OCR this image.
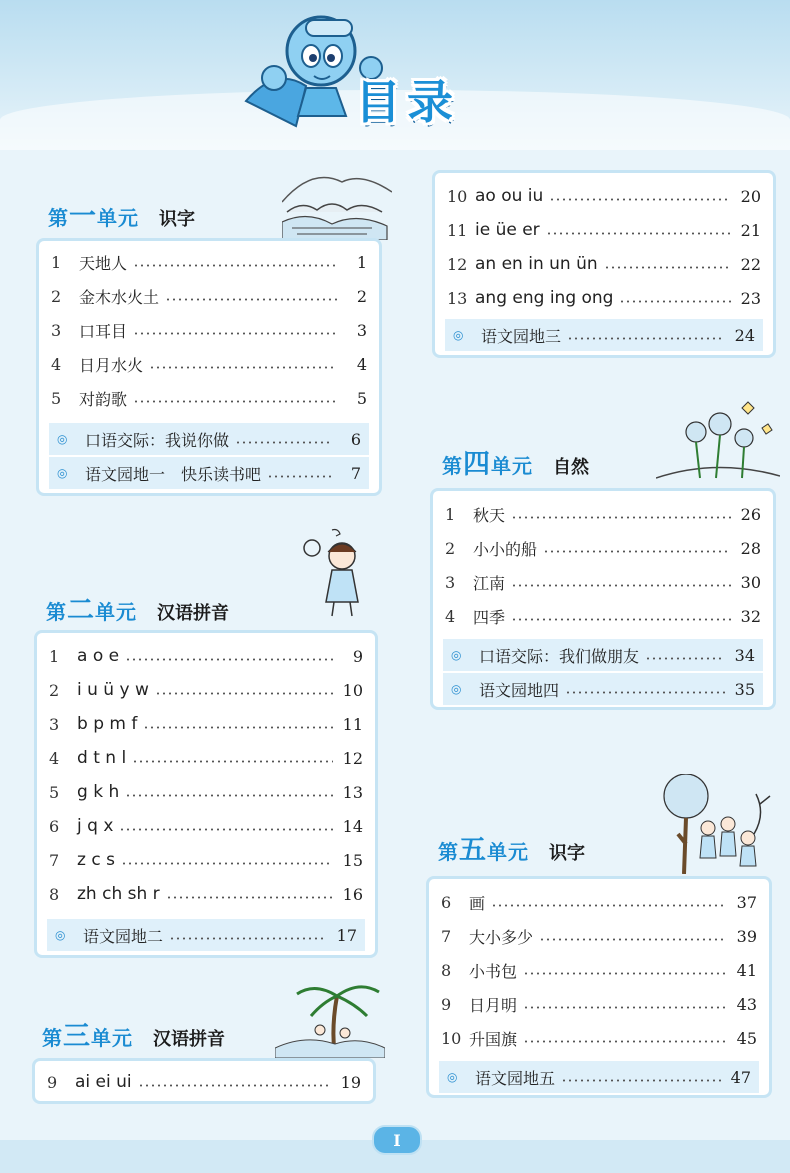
目录
第一单元 识字
1	天地人	1
2	金木水火土	2
3	口耳目	3
4	日月水火	4
5	对韵歌	5
◎	口语交际：我说你做	6
◎	语文园地一　快乐读书吧	7
第二单元 汉语拼音
1	a o e	9
2	i u ü y w	10
3	b p m f	11
4	d t n l	12
5	g k h	13
6	j q x	14
7	z c s	15
8	zh ch sh r	16
◎	语文园地二	17
第三单元 汉语拼音
9	ai ei ui	19
10 ao ou iu	20
11 ie üe er	21
12 an en in un ün	22
13 ang eng ing ong	23
◎	语文园地三	24
第四单元 自然
1	秋天	26
2	小小的船	28
3	江南	30
4	四季	32
◎	口语交际：我们做朋友	34
◎	语文园地四	35
第五单元 识字
6	画	37
7	大小多少	39
8	小书包	41
9	日月明	43
10 升国旗	45
◎	语文园地五	47
I
